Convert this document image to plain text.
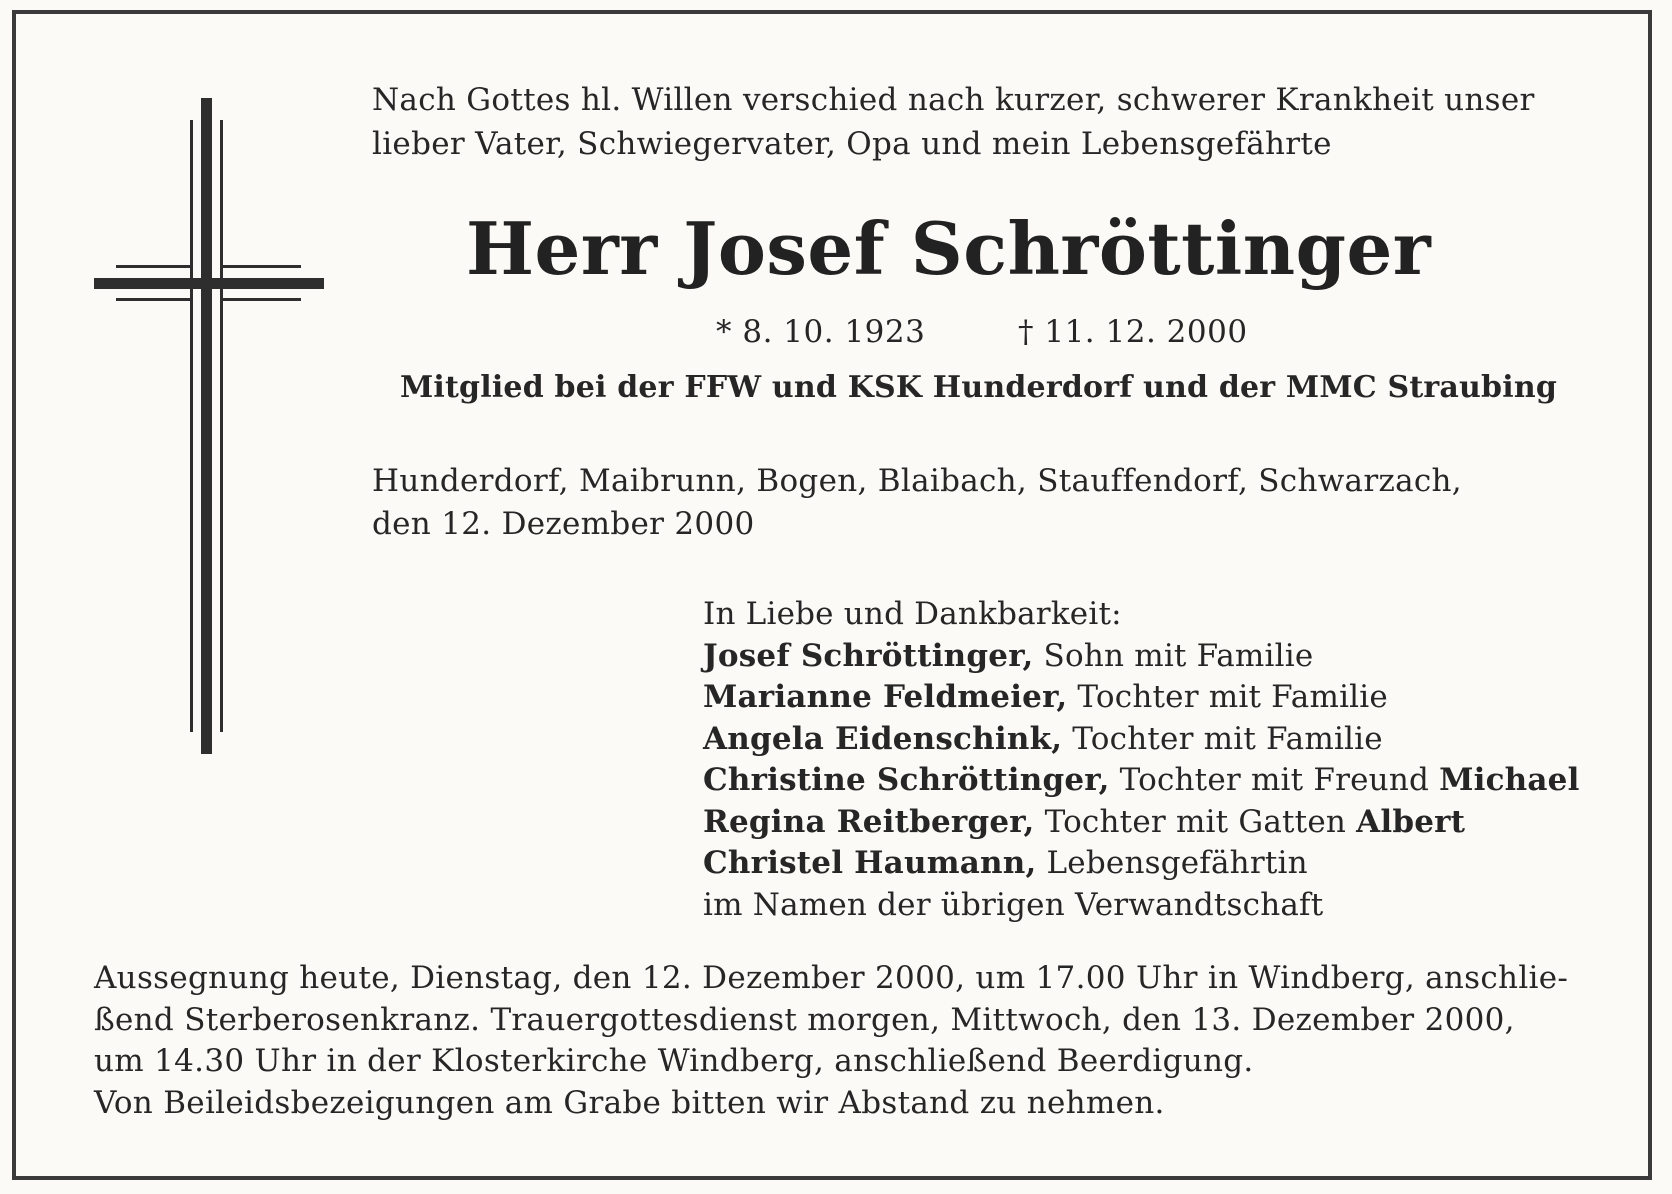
Nach Gottes hl. Willen verschied nach kurzer, schwerer Krankheit unser
lieber Vater, Schwiegervater, Opa und mein Lebensgefährte
Herr Josef Schröttinger
* 8. 10. 1923	† 11. 12. 2000
Mitglied bei der FFW und KSK Hunderdorf und der MMC Straubing
Hunderdorf, Maibrunn, Bogen, Blaibach, Stauffendorf, Schwarzach,
den 12. Dezember 2000
In Liebe und Dankbarkeit:
Josef Schröttinger, Sohn mit Familie
Marianne Feldmeier, Tochter mit Familie
Angela Eidenschink, Tochter mit Familie
Christine Schröttinger, Tochter mit Freund Michael
Regina Reitberger, Tochter mit Gatten Albert
Christel Haumann, Lebensgefährtin
im Namen der übrigen Verwandtschaft
Aussegnung heute, Dienstag, den 12. Dezember 2000, um 17.00 Uhr in Windberg, anschlie-
ßend Sterberosenkranz. Trauergottesdienst morgen, Mittwoch, den 13. Dezember 2000,
um 14.30 Uhr in der Klosterkirche Windberg, anschließend Beerdigung.
Von Beileidsbezeigungen am Grabe bitten wir Abstand zu nehmen.
